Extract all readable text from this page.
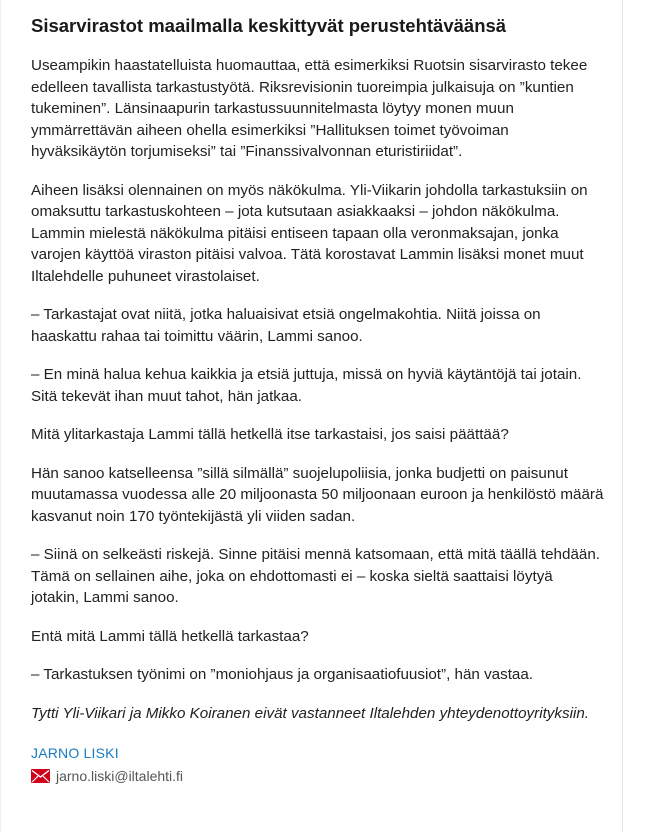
Sisarvirastot maailmalla keskittyvät perustehtäväänsä

Useampikin haastatelluista huomauttaa, että esimerkiksi Ruotsin sisarvirasto tekee edelleen tavallista tarkastustyötä. Riksrevisionin tuoreimpia julkaisuja on ”kuntien tukeminen”. Länsinaapurin tarkastussuunnitelmasta löytyy monen muun ymmärrettävän aiheen ohella esimerkiksi ”Hallituksen toimet työvoiman hyväksikäytön torjumiseksi” tai ”Finanssivalvonnan eturistiriidat”.

Aiheen lisäksi olennainen on myös näkökulma. Yli-Viikarin johdolla tarkastuksiin on omaksuttu tarkastuskohteen – jota kutsutaan asiakkaaksi – johdon näkökulma. Lammin mielestä näkökulma pitäisi entiseen tapaan olla veronmaksajan, jonka varojen käyttöä viraston pitäisi valvoa. Tätä korostavat Lammin lisäksi monet muut Iltalehdelle puhuneet virastolaiset.

– Tarkastajat ovat niitä, jotka haluaisivat etsiä ongelmakohtia. Niitä joissa on haaskattu rahaa tai toimittu väärin, Lammi sanoo.

– En minä halua kehua kaikkia ja etsiä juttuja, missä on hyviä käytäntöjä tai jotain. Sitä tekevät ihan muut tahot, hän jatkaa.

Mitä ylitarkastaja Lammi tällä hetkellä itse tarkastaisi, jos saisi päättää?

Hän sanoo katselleensa ”sillä silmällä” suojelupoliisia, jonka budjetti on paisunut muutamassa vuodessa alle 20 miljoonasta 50 miljoonaan euroon ja henkilöstö määrä kasvanut noin 170 työntekijästä yli viiden sadan.

– Siinä on selkeästi riskejä. Sinne pitäisi mennä katsomaan, että mitä täällä tehdään. Tämä on sellainen aihe, joka on ehdottomasti ei – koska sieltä saattaisi löytyä jotakin, Lammi sanoo.

Entä mitä Lammi tällä hetkellä tarkastaa?

– Tarkastuksen työnimi on ”moniohjaus ja organisaatiofuusiot”, hän vastaa.

Tytti Yli-Viikari ja Mikko Koiranen eivät vastanneet Iltalehden yhteydenottoyrityksiin.

JARNO LISKI
jarno.liski@iltalehti.fi
